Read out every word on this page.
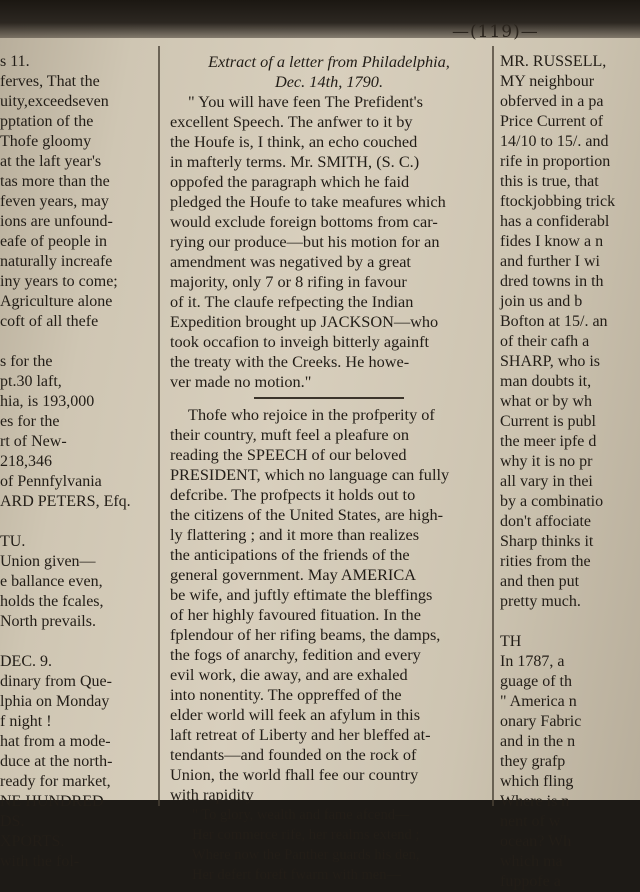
—(119)—
s 11.
ferves, That the
uity,exceedseven
pptation of the
Thofe gloomy
at the laft year's
tas more than the
feven years, may
ions are unfound-
eafe of people in
naturally increafe
iny years to come;
Agriculture alone
coft of all thefe
s for the
pt.30 laft,
hia, is 193,000
es for the
rt of New-
218,346
of Pennfylvania
ARD PETERS, Efq.
TU.
Union given—
e ballance even,
holds the fcales,
North prevails.
DEC. 9.
dinary from Que-
lphia on Monday
f night !
hat from a mode-
duce at the north-
ready for market,
NE HUNDRED
DS.
XPORTS.
with the fol-
Extract of a letter from Philadelphia,
Dec. 14th, 1790.
" You will have feen The Prefident's
excellent Speech. The anfwer to it by
the Houfe is, I think, an echo couched
in mafterly terms. Mr. SMITH, (S. C.)
oppofed the paragraph which he faid
pledged the Houfe to take meafures which
would exclude foreign bottoms from car-
rying our produce—but his motion for an
amendment was negatived by a great
majority, only 7 or 8 rifing in favour
of it. The claufe refpecting the Indian
Expedition brought up JACKSON—who
took occafion to inveigh bitterly againft
the treaty with the Creeks. He howe-
ver made no motion."
Thofe who rejoice in the profperity of
their country, muft feel a pleafure on
reading the SPEECH of our beloved
PRESIDENT, which no language can fully
defcribe. The profpects it holds out to
the citizens of the United States, are high-
ly flattering ; and it more than realizes
the anticipations of the friends of the
general government. May AMERICA
be wife, and juftly eftimate the bleffings
of her highly favoured fituation. In the
fplendour of her rifing beams, the damps,
the fogs of anarchy, fedition and every
evil work, die away, and are exhaled
into nonentity. The oppreffed of the
elder world will feek an afylum in this
laft retreat of Liberty and her bleffed at-
tendants—and founded on the rock of
Union, the world fhall fee our country
with rapidity
" To glory, wealth and fame afcend—
Her commerce rife, her realms extend ;
Where now the Panther guards his den,
Her defert foreft fwarm with men—
MR. RUSSELL,
MY neighbour
obferved in a pa
Price Current of
14/10 to 15/. and
rife in proportion
this is true, that
ftockjobbing trick
has a confiderabl
fides I know a n
and further I wi
dred towns in th
join us and b
Bofton at 15/. an
of their cafh a
SHARP, who is
man doubts it,
what or by wh
Current is publ
the meer ipfe d
why it is no pr
all vary in thei
by a combinatio
don't affociate
Sharp thinks it
rities from the
and then put
pretty much.
TH
In 1787, a
guage of th
" America n
onary Fabric
and in the n
they grafp
which fling
Where is n
nent of w
ocean? Wh
which ma
fuppofe a
